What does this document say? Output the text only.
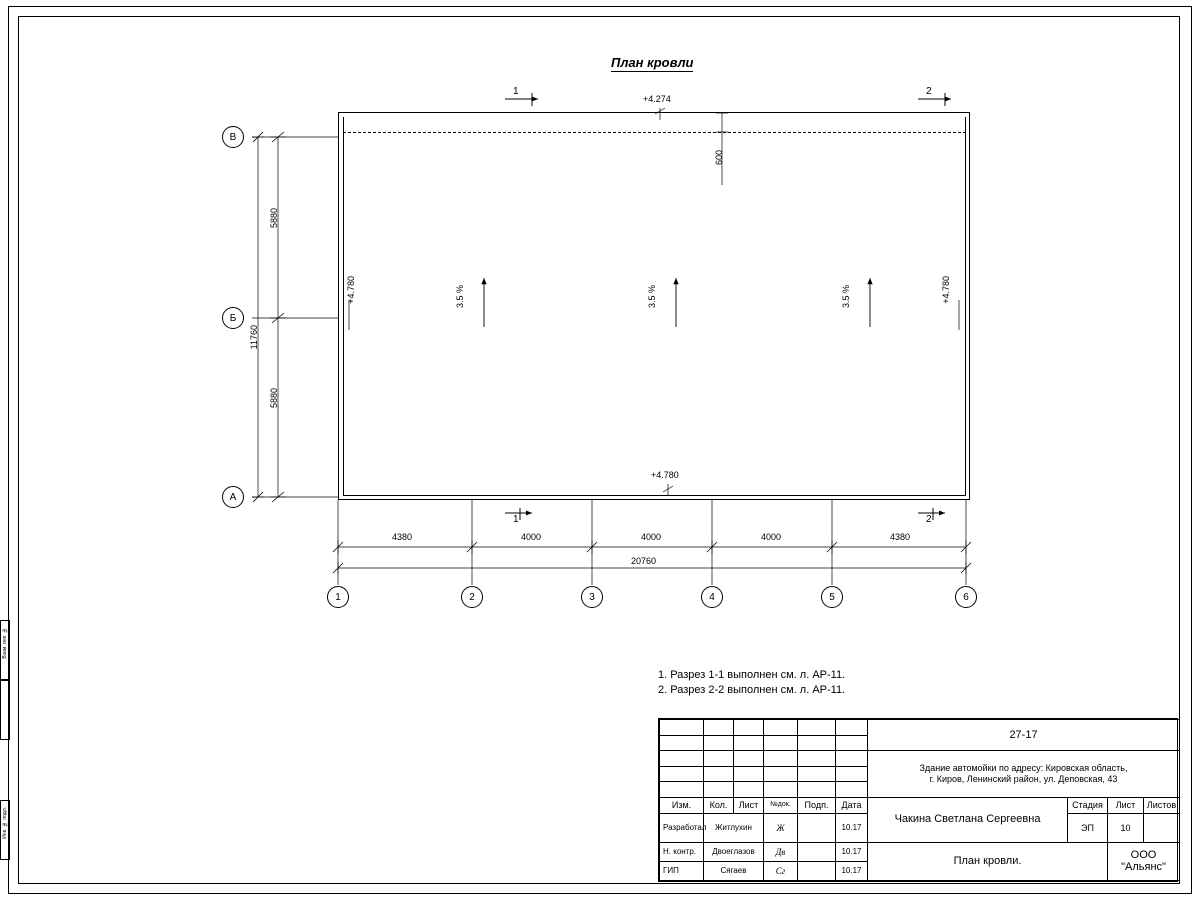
Взам. инв. №
Инв. № подл.
План кровли
В
Б
А
1	2	3	4	5	6
5880
5880
11760
4380	4000	4000	4000	4380
20760
600
+4.274
+4.780
+4.780	+4.780
3.5 %	3.5 %	3.5 %
1	2
1	2
1. Разрез 1-1 выполнен см. л. АР-11.
2. Разрез 2-2 выполнен см. л. АР-11.
						27-17			

						Здание автомойки по адресу: Кировская область,
г. Киров, Ленинский район, ул. Деповская, 43			

Изм.	Кол.	Лист	№док.	Подп.	Дата	Чакина Светлана Сергеевна	Стадия	Лист	Листов
Разработал	Житлухин		Ж		10.17		ЭП	10	
Н. контр.	Двоеглазов		Дв		10.17	План кровли.		ООО "Альянс"	
ГИП	Сягаев		Сг		10.17				
